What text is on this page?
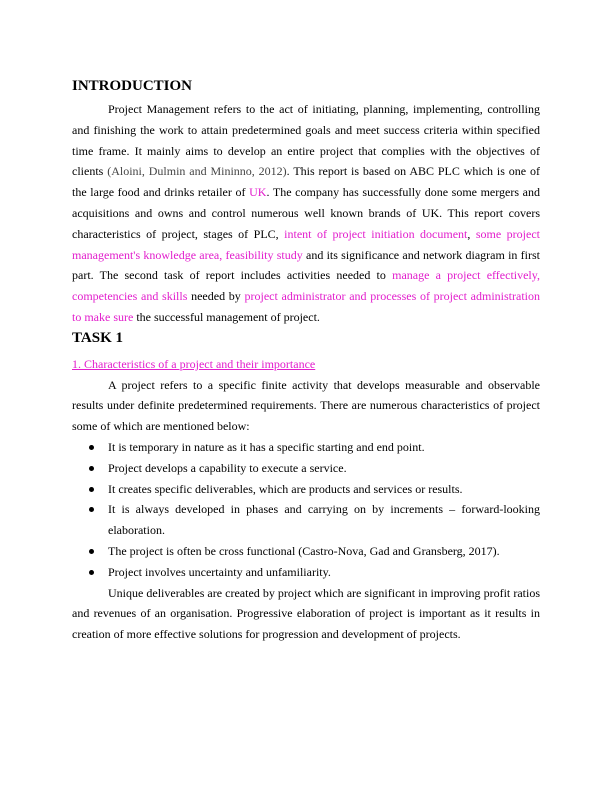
INTRODUCTION

Project Management refers to the act of initiating, planning, implementing, controlling and finishing the work to attain predetermined goals and meet success criteria within specified time frame. It mainly aims to develop an entire project that complies with the objectives of clients (Aloini, Dulmin and Mininno, 2012). This report is based on ABC PLC which is one of the large food and drinks retailer of UK. The company has successfully done some mergers and acquisitions and owns and control numerous well known brands of UK. This report covers characteristics of project, stages of PLC, intent of project initiation document, some project management's knowledge area, feasibility study and its significance and network diagram in first part. The second task of report includes activities needed to manage a project effectively, competencies and skills needed by project administrator and processes of project administration to make sure the successful management of project.

TASK 1

1. Characteristics of a project and their importance

A project refers to a specific finite activity that develops measurable and observable results under definite predetermined requirements. There are numerous characteristics of project some of which are mentioned below:

It is temporary in nature as it has a specific starting and end point.
Project develops a capability to execute a service.
It creates specific deliverables, which are products and services or results.
It is always developed in phases and carrying on by increments – forward-looking elaboration.
The project is often be cross functional (Castro-Nova, Gad and Gransberg, 2017).
Project involves uncertainty and unfamiliarity.

Unique deliverables are created by project which are significant in improving profit ratios and revenues of an organisation. Progressive elaboration of project is important as it results in creation of more effective solutions for progression and development of projects.
